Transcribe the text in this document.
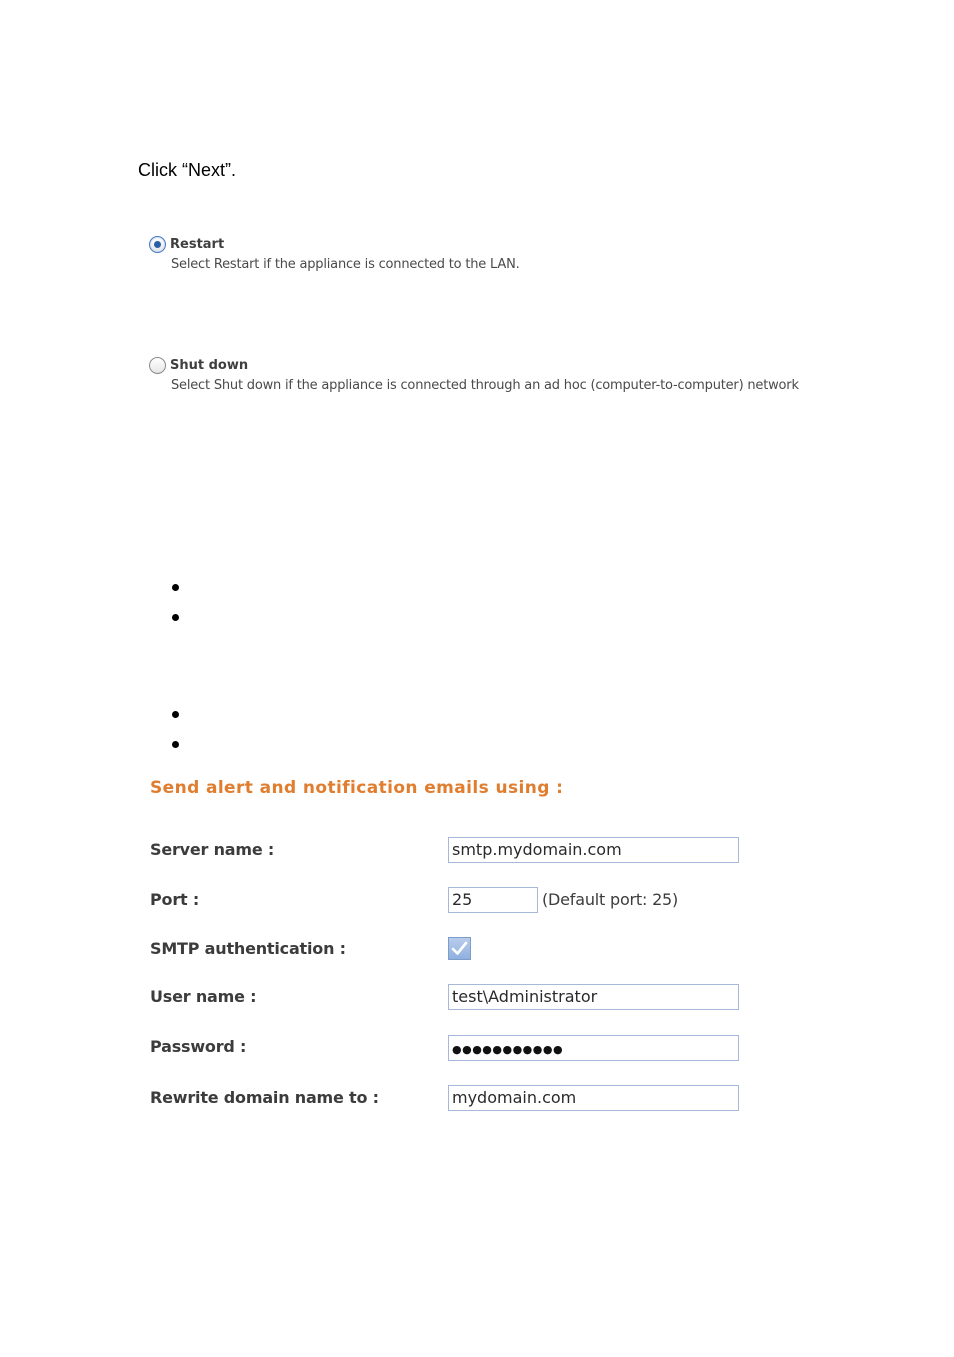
Click “Next”.
Restart
Select Restart if the appliance is connected to the LAN.
Shut down
Select Shut down if the appliance is connected through an ad hoc (computer-to-computer) network
Send alert and notification emails using :
Server name :	smtp.mydomain.com
Port :	25	(Default port: 25)
SMTP authentication :
User name :	test\Administrator
Password :	●●●●●●●●●●●
Rewrite domain name to :	mydomain.com
